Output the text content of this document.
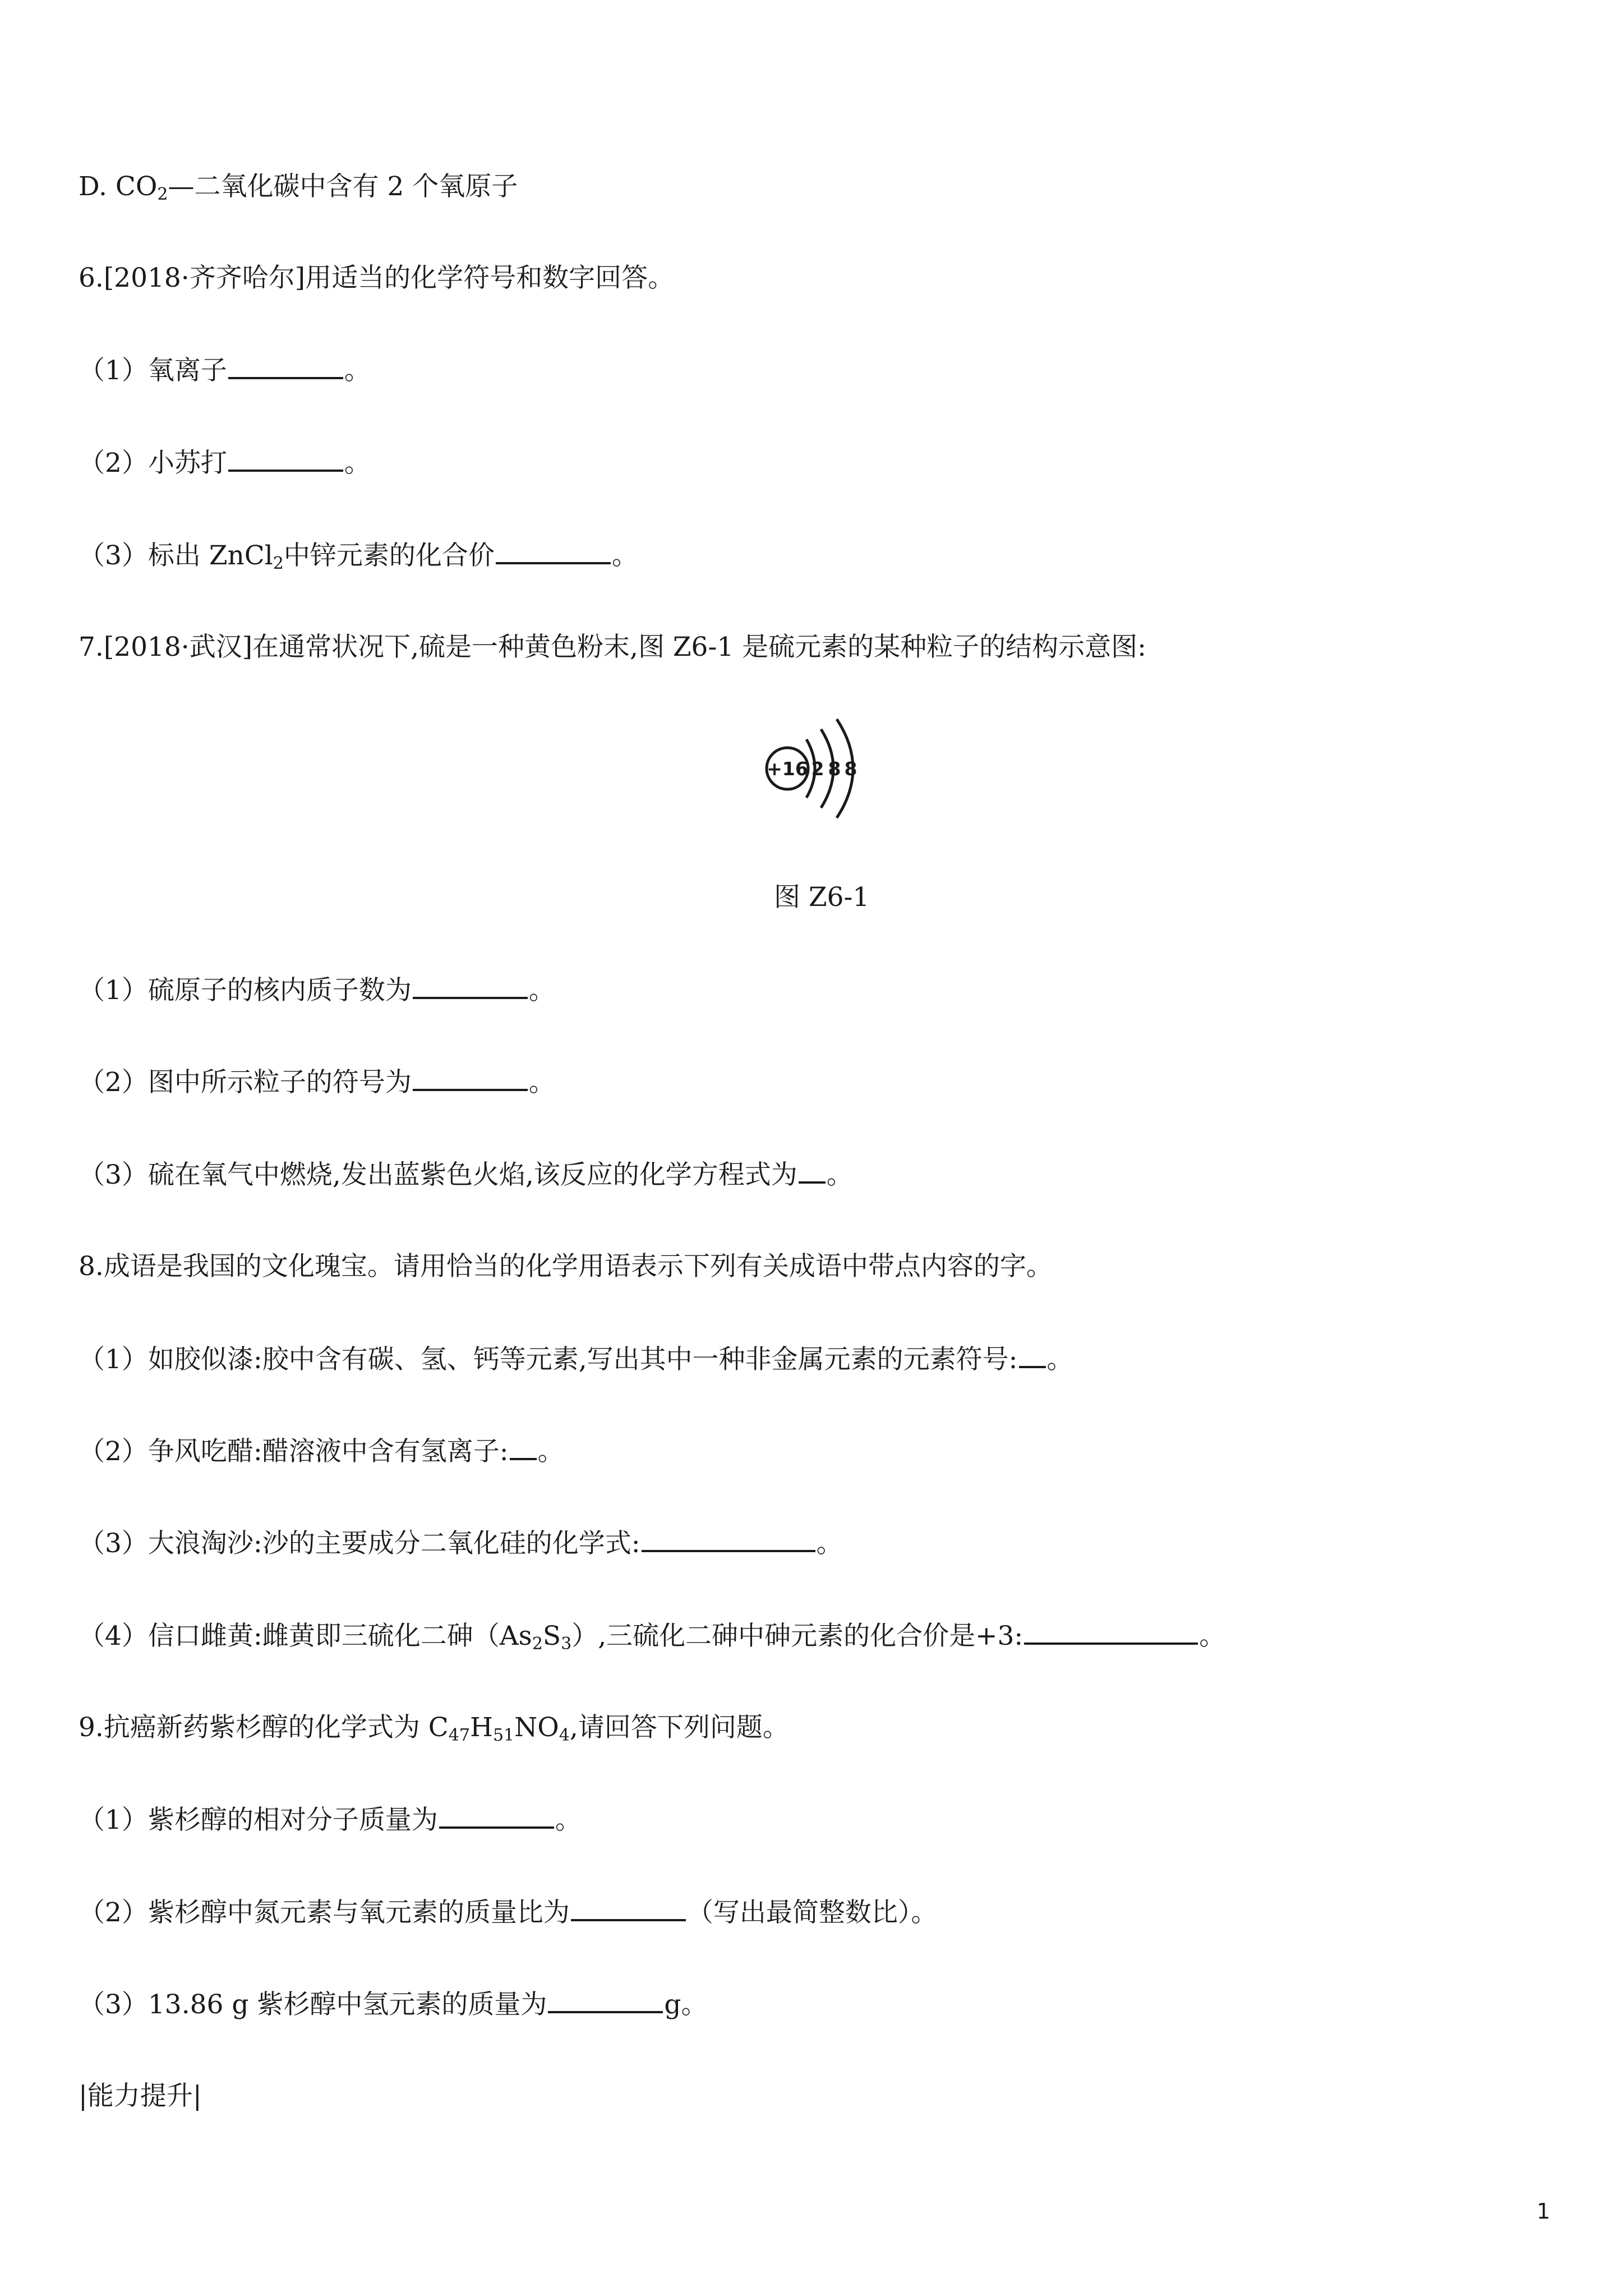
D. $CO_2—$二氧化碳中含有 2 个氧原子
6.[2018·齐齐哈尔]用适当的化学符号和数字回答。
（1）氧离子	。
（2）小苏打	。
（3）标出 ZnCl$_2$中锌元素的化合价	。
7.[2018·武汉]在通常状况下,硫是一种黄色粉末,图 Z6-1 是硫元素的某种粒子的结构示意图:
+16 2 8 8
图 Z6-1
（1）硫原子的核内质子数为	。
（2）图中所示粒子的符号为	。
（3）硫在氧气中燃烧,发出蓝紫色火焰,该反应的化学方程式为 。
8.成语是我国的文化瑰宝。请用恰当的化学用语表示下列有关成语中带点内容的字。
（1）如胶似漆:胶中含有碳、氢、钙等元素,写出其中一种非金属元素的元素符号: 。
（2）争风吃醋:醋溶液中含有氢离子: 。
（3）大浪淘沙:沙的主要成分二氧化硅的化学式:	。
（4）信口雌黄:雌黄即三硫化二砷$(As_2S_3)$,三硫化二砷中砷元素的化合价是+3:	。
9.抗癌新药紫杉醇的化学式为 $C_{47}H_{51}NO_4$,请回答下列问题。
（1）紫杉醇的相对分子质量为	。
（2）紫杉醇中氮元素与氧元素的质量比为	（写出最简整数比）。
（3）13.86 g 紫杉醇中氢元素的质量为	g。
|能力提升|
1
